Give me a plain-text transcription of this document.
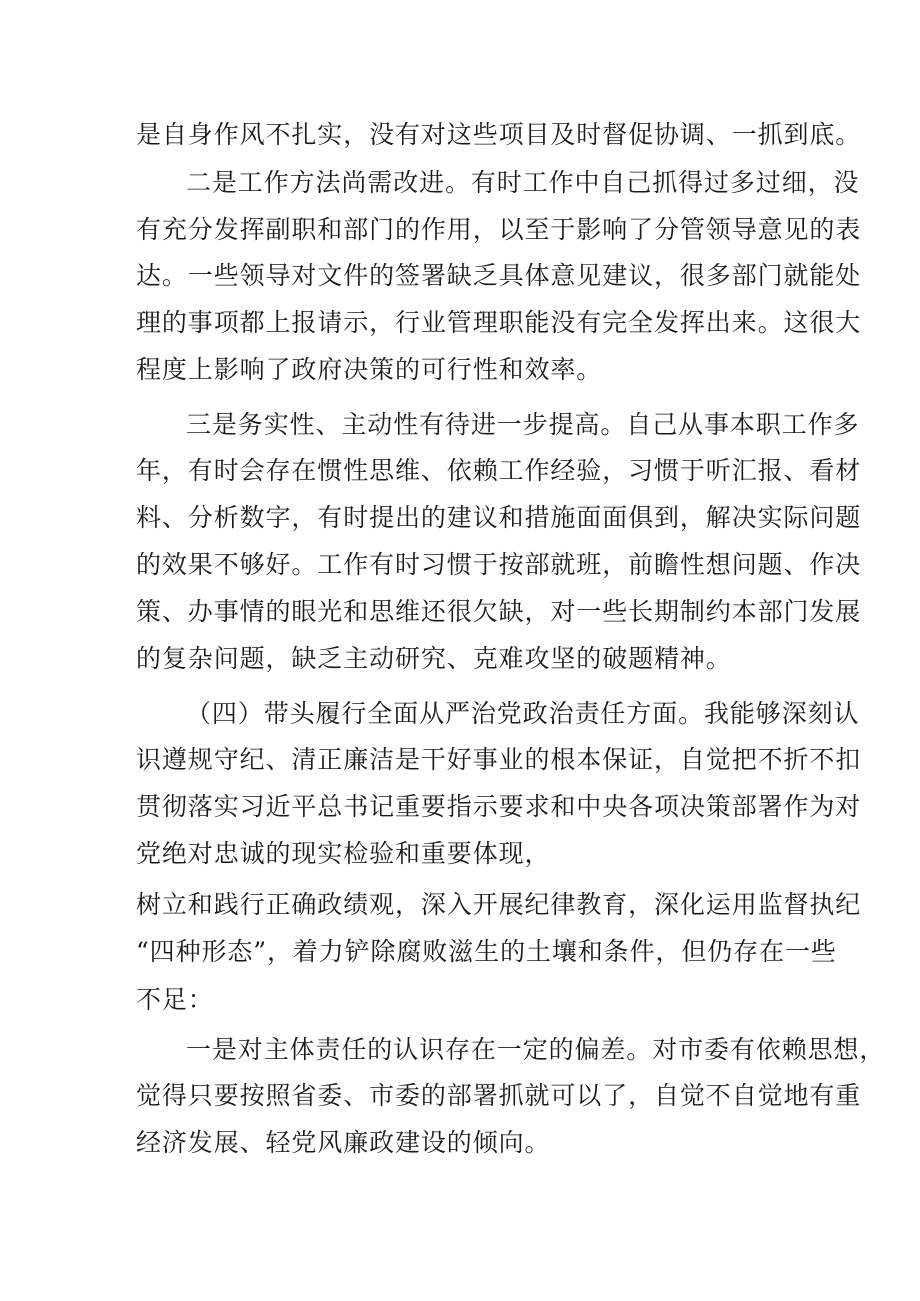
是自身作风不扎实，没有对这些项目及时督促协调、一抓到底。
二是工作方法尚需改进。有时工作中自己抓得过多过细，没
有充分发挥副职和部门的作用，以至于影响了分管领导意见的表
达。一些领导对文件的签署缺乏具体意见建议，很多部门就能处
理的事项都上报请示，行业管理职能没有完全发挥出来。这很大
程度上影响了政府决策的可行性和效率。
三是务实性、主动性有待进一步提高。自己从事本职工作多
年，有时会存在惯性思维、依赖工作经验，习惯于听汇报、看材
料、分析数字，有时提出的建议和措施面面俱到，解决实际问题
的效果不够好。工作有时习惯于按部就班，前瞻性想问题、作决
策、办事情的眼光和思维还很欠缺，对一些长期制约本部门发展
的复杂问题，缺乏主动研究、克难攻坚的破题精神。
（四）带头履行全面从严治党政治责任方面。我能够深刻认
识遵规守纪、清正廉洁是干好事业的根本保证，自觉把不折不扣
贯彻落实习近平总书记重要指示要求和中央各项决策部署作为对
党绝对忠诚的现实检验和重要体现，
树立和践行正确政绩观，深入开展纪律教育，深化运用监督执纪
“四种形态”，着力铲除腐败滋生的土壤和条件，但仍存在一些
不足：
一是对主体责任的认识存在一定的偏差。对市委有依赖思想，
觉得只要按照省委、市委的部署抓就可以了，自觉不自觉地有重
经济发展、轻党风廉政建设的倾向。
